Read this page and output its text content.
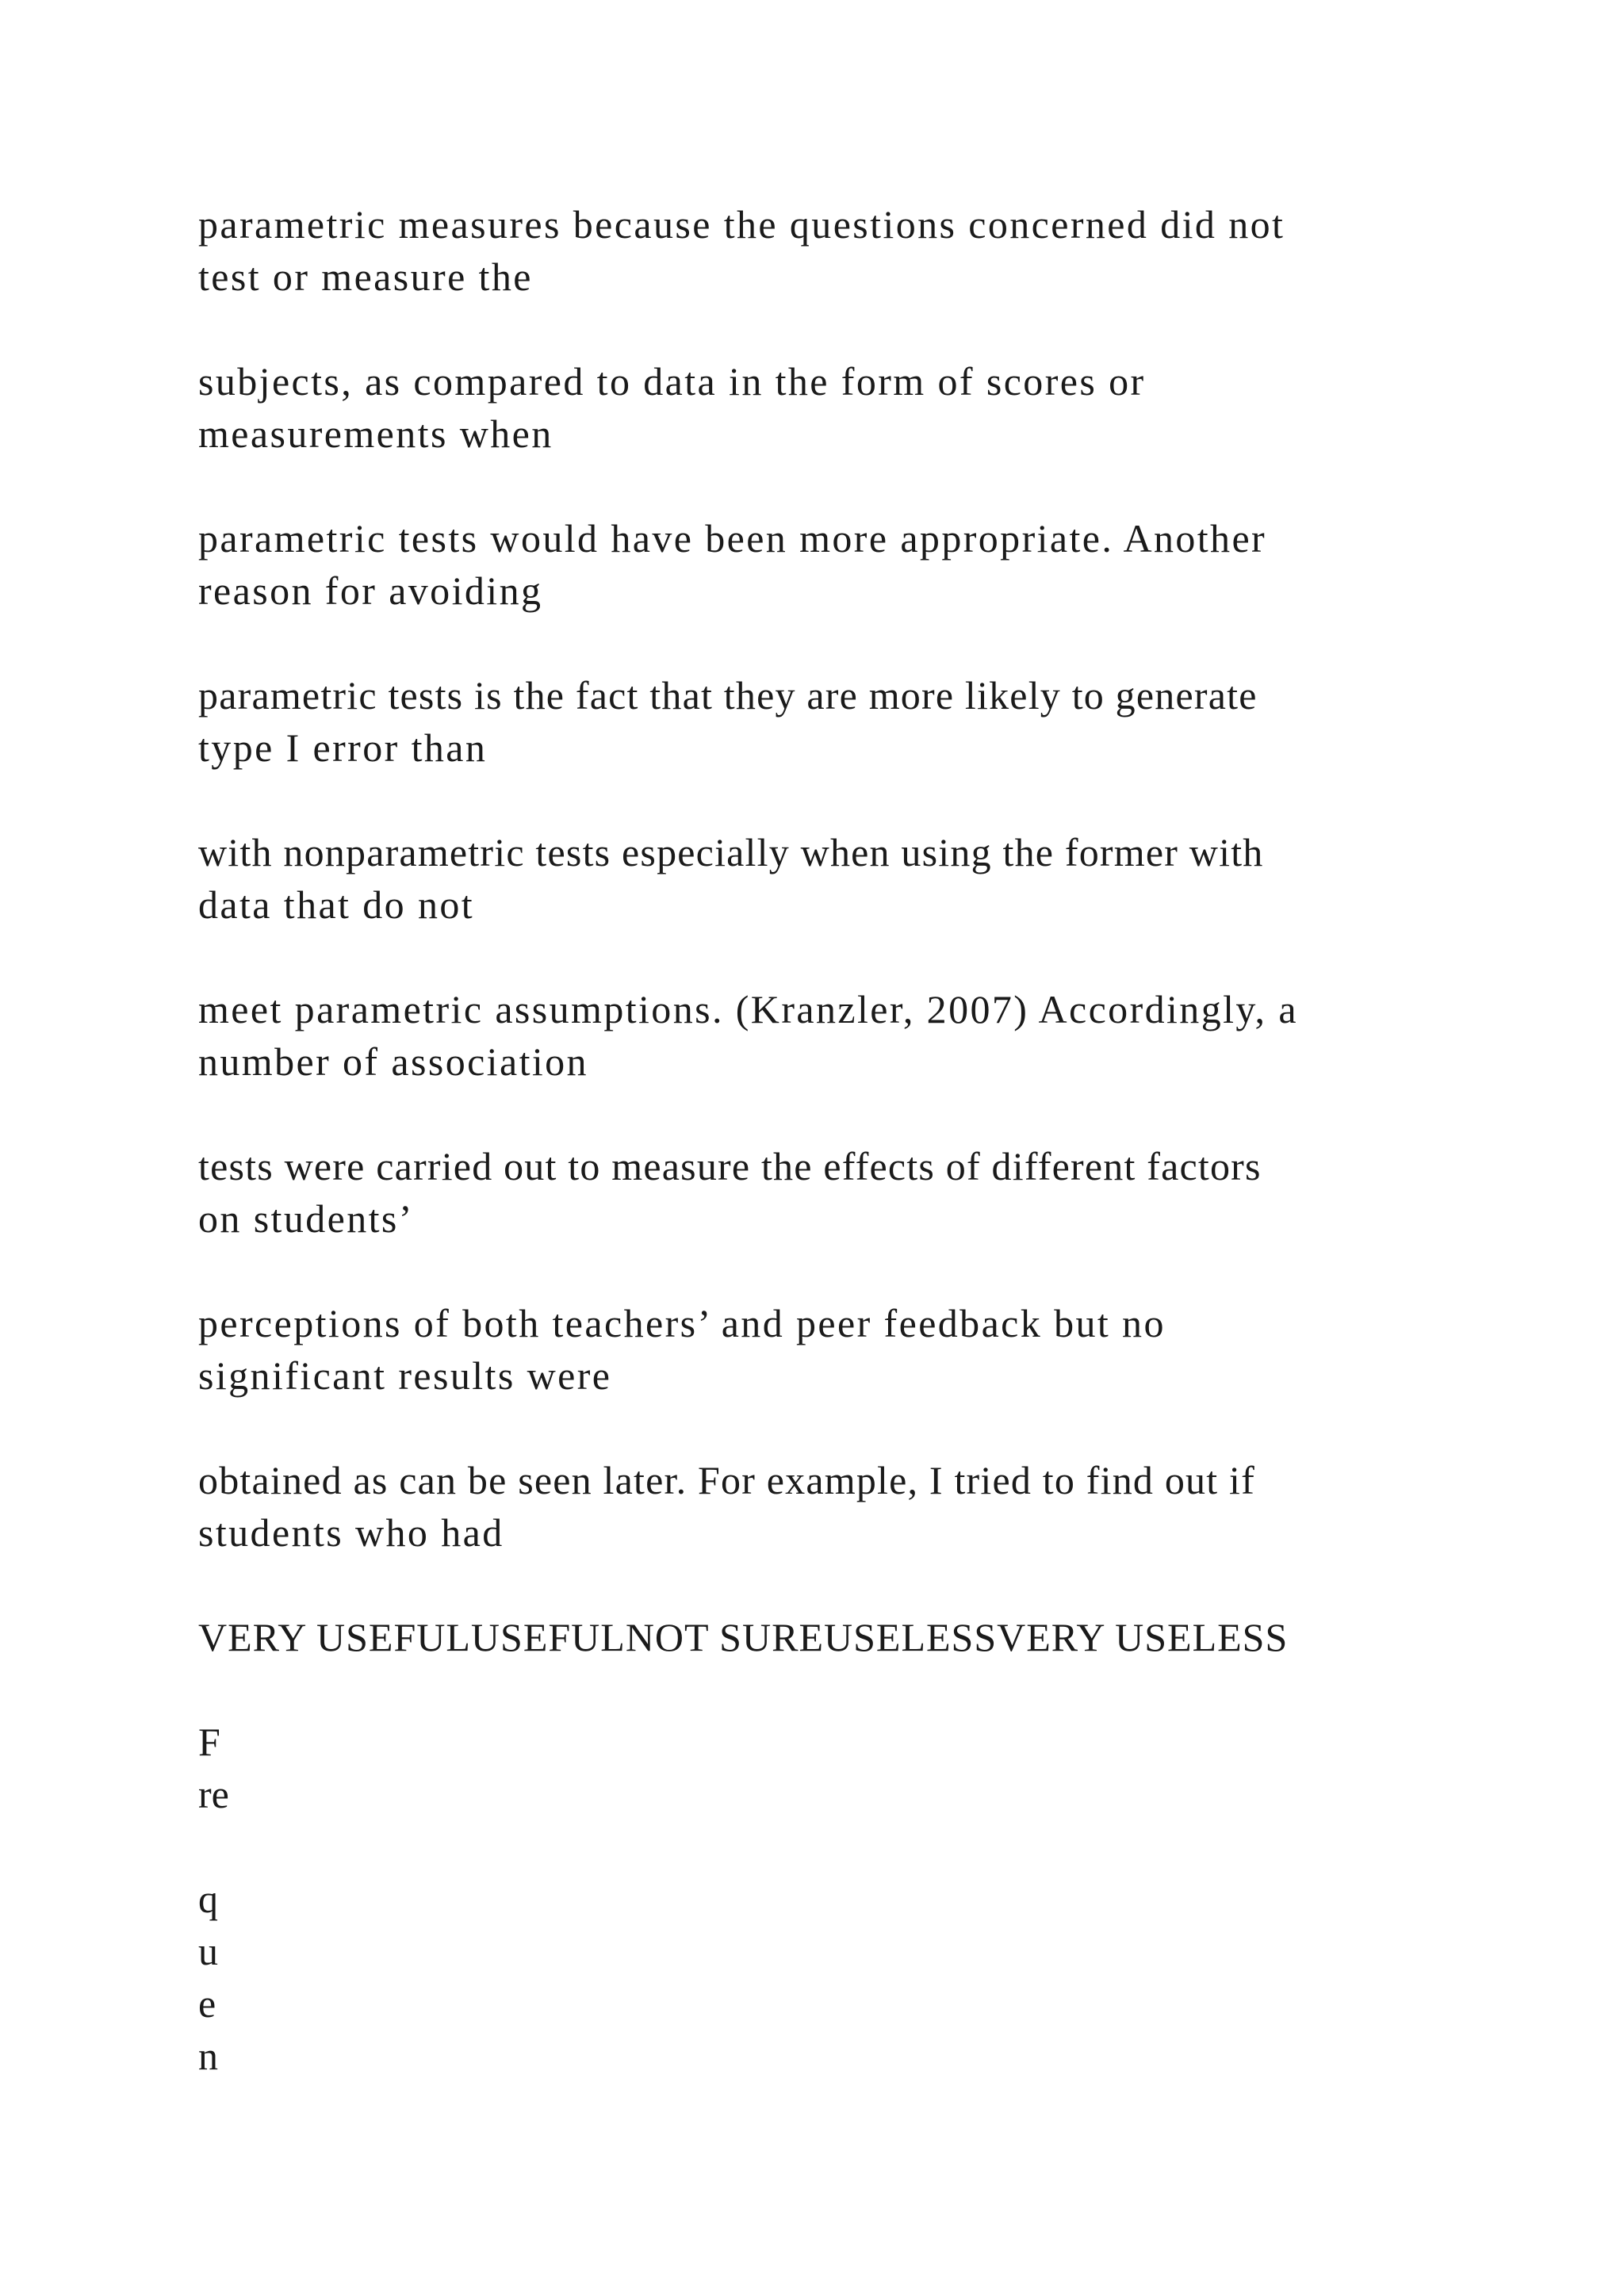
parametric measures because the questions concerned did not
test or measure the
subjects, as compared to data in the form of scores or
measurements when
parametric tests would have been more appropriate. Another
reason for avoiding
parametric tests is the fact that they are more likely to generate
type I error than
with nonparametric tests especially when using the former with
data that do not
meet parametric assumptions. (Kranzler, 2007) Accordingly, a
number of association
tests were carried out to measure the effects of different factors
on students’
perceptions of both teachers’ and peer feedback but no
significant results were
obtained as can be seen later. For example, I tried to find out if
students who had
VERY USEFULUSEFULNOT SUREUSELESSVERY USELESS
F
re
q
u
e
n
